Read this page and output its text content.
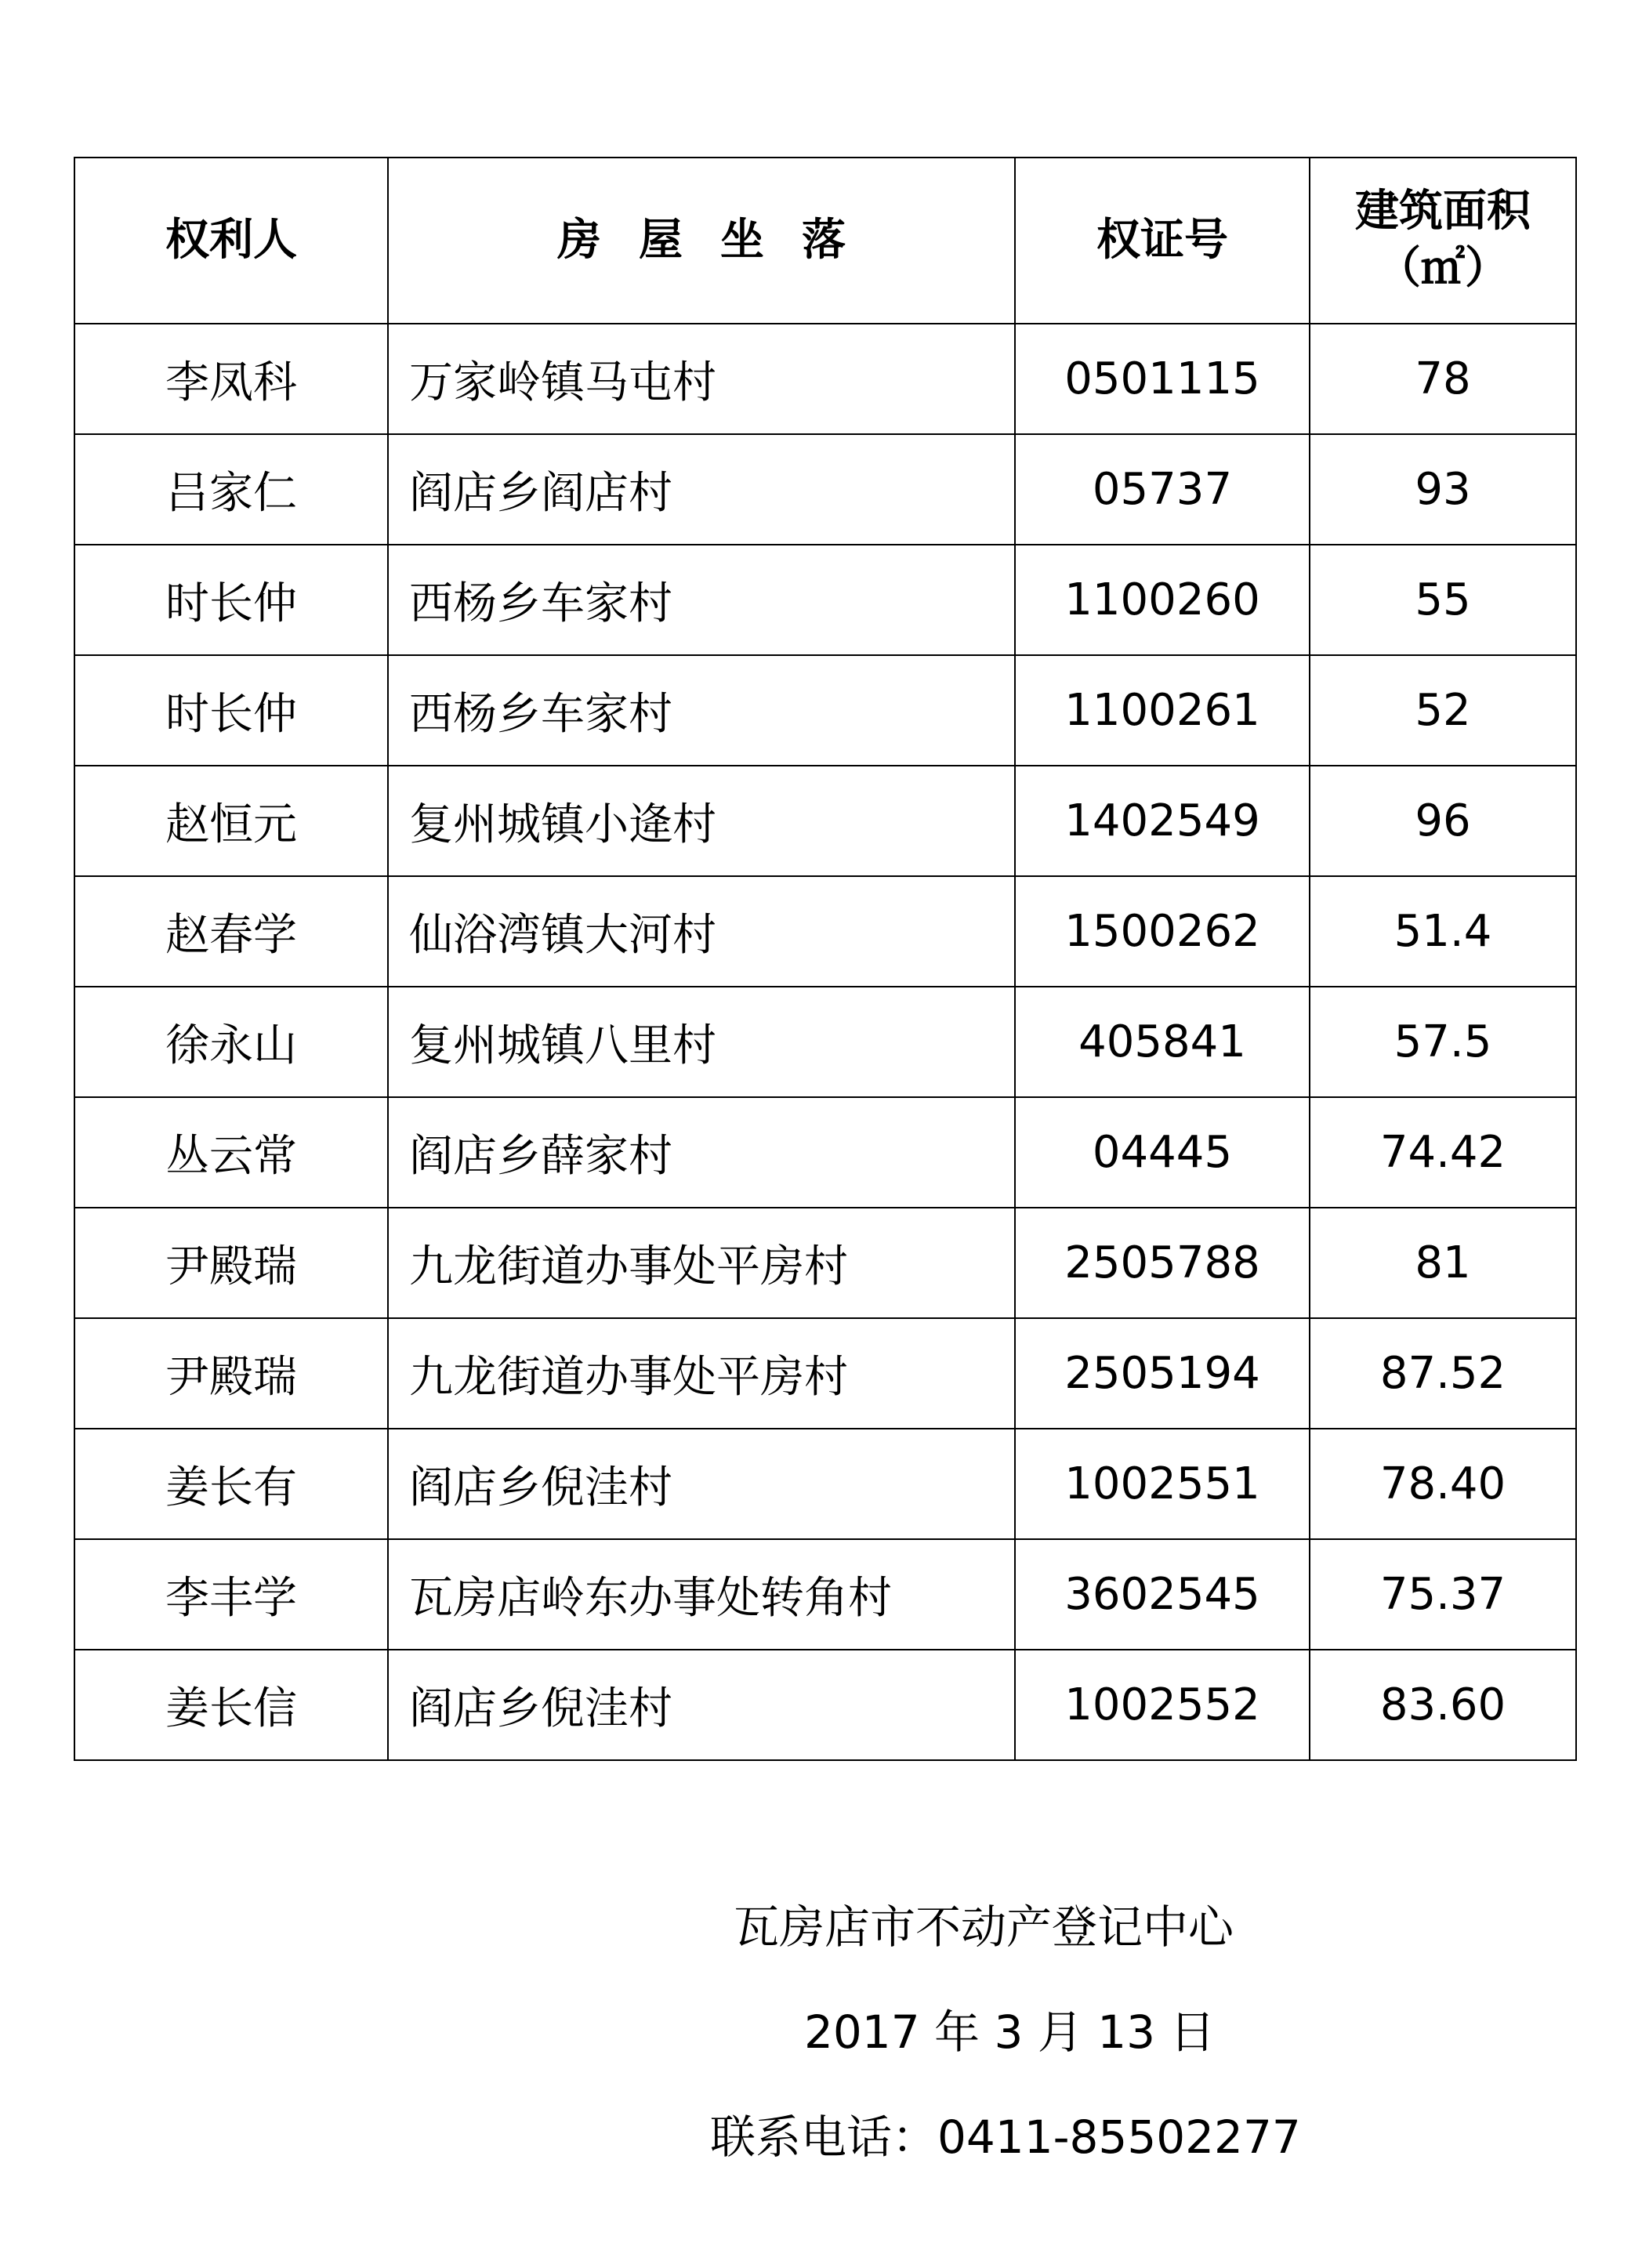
权利人	房屋坐落	权证号	建筑面积
（㎡）

李凤科	万家岭镇马屯村	0501115	78
吕家仁	阎店乡阎店村	05737	93
时长仲	西杨乡车家村	1100260	55
时长仲	西杨乡车家村	1100261	52
赵恒元	复州城镇小逄村	1402549	96
赵春学	仙浴湾镇大河村	1500262	51.4
徐永山	复州城镇八里村	405841	57.5
丛云常	阎店乡薛家村	04445	74.42
尹殿瑞	九龙街道办事处平房村	2505788	81
尹殿瑞	九龙街道办事处平房村	2505194	87.52
姜长有	阎店乡倪洼村	1002551	78.40
李丰学	瓦房店岭东办事处转角村	3602545	75.37
姜长信	阎店乡倪洼村	1002552	83.60
瓦房店市不动产登记中心
2017 年 3 月 13 日
联系电话：0411-85502277
